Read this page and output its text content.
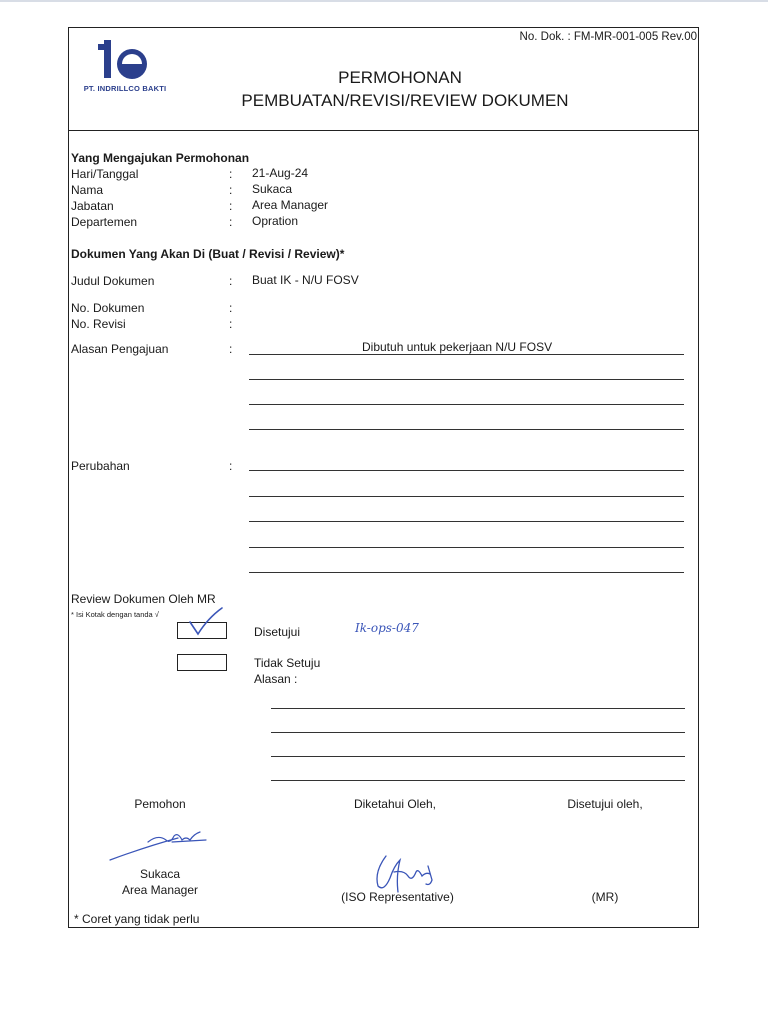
No. Dok. : FM-MR-001-005 Rev.00
PT. INDRILLCO BAKTI
PERMOHONAN
PEMBUATAN/REVISI/REVIEW DOKUMEN
Yang Mengajukan Permohonan
Hari/Tanggal	: 21-Aug-24
Nama	: Sukaca
Jabatan	: Area Manager
Departemen	: Opration
Dokumen Yang Akan Di (Buat / Revisi / Review)*
Judul Dokumen	: Buat IK - N/U FOSV
No. Dokumen	:
No. Revisi	:
Alasan Pengajuan	:	Dibutuh untuk pekerjaan N/U FOSV
Perubahan	:
Review Dokumen Oleh MR
* Isi Kotak dengan tanda √
Disetujui	Ik-ops-047
Tidak Setuju
Alasan :
Pemohon	Diketahui Oleh,	Disetujui oleh,
Sukaca
Area Manager	(ISO Representative)	(MR)
* Coret yang tidak perlu
